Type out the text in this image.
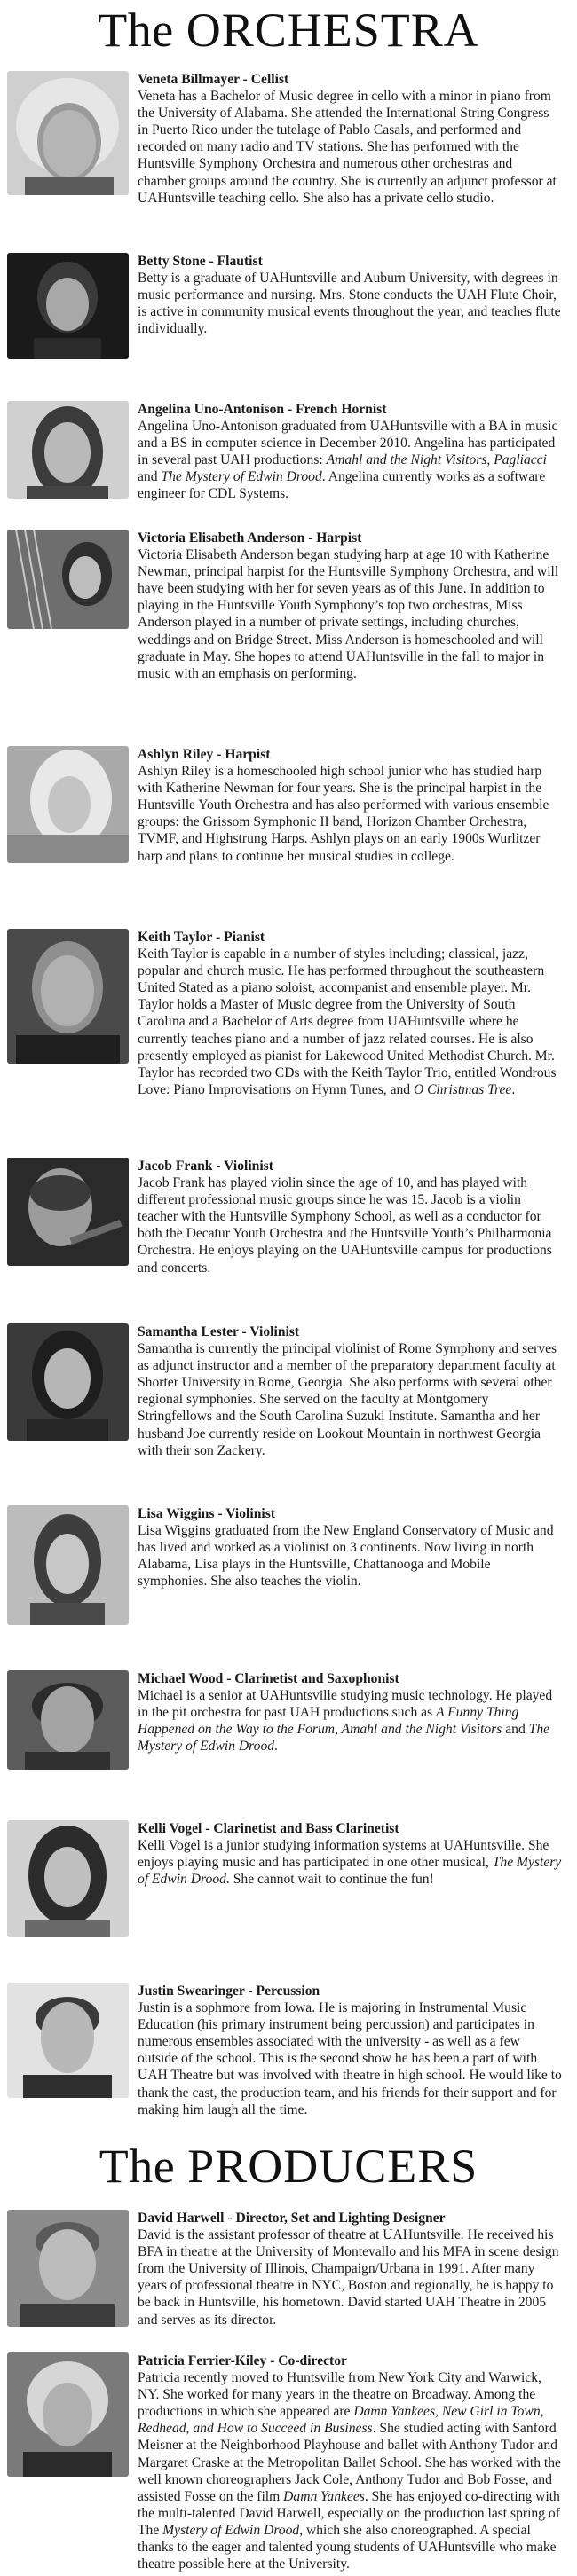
The ORCHESTRA
Veneta Billmayer - Cellist
Veneta has a Bachelor of Music degree in cello with a minor in piano from the University of Alabama. She attended the International String Congress in Puerto Rico under the tutelage of Pablo Casals, and performed and recorded on many radio and TV stations. She has performed with the Huntsville Symphony Orchestra and numerous other orchestras and chamber groups around the country. She is currently an adjunct professor at UAHuntsville teaching cello. She also has a private cello studio.
Betty Stone - Flautist
Betty is a graduate of UAHuntsville and Auburn University, with degrees in music performance and nursing. Mrs. Stone conducts the UAH Flute Choir, is active in community musical events throughout the year, and teaches flute individually.
Angelina Uno-Antonison - French Hornist
Angelina Uno-Antonison graduated from UAHuntsville with a BA in music and a BS in computer science in December 2010. Angelina has participated in several past UAH productions: Amahl and the Night Visitors, Pagliacci and The Mystery of Edwin Drood. Angelina currently works as a software engineer for CDL Systems.
Victoria Elisabeth Anderson - Harpist
Victoria Elisabeth Anderson began studying harp at age 10 with Katherine Newman, principal harpist for the Huntsville Symphony Orchestra, and will have been studying with her for seven years as of this June. In addition to playing in the Huntsville Youth Symphony’s top two orchestras, Miss Anderson played in a number of private settings, including churches, weddings and on Bridge Street. Miss Anderson is homeschooled and will graduate in May. She hopes to attend UAHuntsville in the fall to major in music with an emphasis on performing.
Ashlyn Riley - Harpist
Ashlyn Riley is a homeschooled high school junior who has studied harp with Katherine Newman for four years. She is the principal harpist in the Huntsville Youth Orchestra and has also performed with various ensemble groups: the Grissom Symphonic II band, Horizon Chamber Orchestra, TVMF, and Highstrung Harps. Ashlyn plays on an early 1900s Wurlitzer harp and plans to continue her musical studies in college.
Keith Taylor - Pianist
Keith Taylor is capable in a number of styles including; classical, jazz, popular and church music. He has performed throughout the southeastern United Stated as a piano soloist, accompanist and ensemble player. Mr. Taylor holds a Master of Music degree from the University of South Carolina and a Bachelor of Arts degree from UAHuntsville where he currently teaches piano and a number of jazz related courses. He is also presently employed as pianist for Lakewood United Methodist Church. Mr. Taylor has recorded two CDs with the Keith Taylor Trio, entitled Wondrous Love: Piano Improvisations on Hymn Tunes, and O Christmas Tree.
Jacob Frank - Violinist
Jacob Frank has played violin since the age of 10, and has played with different professional music groups since he was 15. Jacob is a violin teacher with the Huntsville Symphony School, as well as a conductor for both the Decatur Youth Orchestra and the Huntsville Youth’s Philharmonia Orchestra. He enjoys playing on the UAHuntsville campus for productions and concerts.
Samantha Lester - Violinist
Samantha is currently the principal violinist of Rome Symphony and serves as adjunct instructor and a member of the preparatory department faculty at Shorter University in Rome, Georgia. She also performs with several other regional symphonies. She served on the faculty at Montgomery Stringfellows and the South Carolina Suzuki Institute. Samantha and her husband Joe currently reside on Lookout Mountain in northwest Georgia with their son Zackery.
Lisa Wiggins - Violinist
Lisa Wiggins graduated from the New England Conservatory of Music and has lived and worked as a violinist on 3 continents. Now living in north Alabama, Lisa plays in the Huntsville, Chattanooga and Mobile symphonies. She also teaches the violin.
Michael Wood - Clarinetist and Saxophonist
Michael is a senior at UAHuntsville studying music technology. He played in the pit orchestra for past UAH productions such as A Funny Thing Happened on the Way to the Forum, Amahl and the Night Visitors and The Mystery of Edwin Drood.
Kelli Vogel - Clarinetist and Bass Clarinetist
Kelli Vogel is a junior studying information systems at UAHuntsville. She enjoys playing music and has participated in one other musical, The Mystery of Edwin Drood. She cannot wait to continue the fun!
Justin Swearinger - Percussion
Justin is a sophmore from Iowa. He is majoring in Instrumental Music Education (his primary instrument being percussion) and participates in numerous ensembles associated with the university - as well as a few outside of the school. This is the second show he has been a part of with UAH Theatre but was involved with theatre in high school. He would like to thank the cast, the production team, and his friends for their support and for making him laugh all the time.
The PRODUCERS
David Harwell - Director, Set and Lighting Designer
David is the assistant professor of theatre at UAHuntsville. He received his BFA in theatre at the University of Montevallo and his MFA in scene design from the University of Illinois, Champaign/Urbana in 1991. After many years of professional theatre in NYC, Boston and regionally, he is happy to be back in Huntsville, his hometown. David started UAH Theatre in 2005 and serves as its director.
Patricia Ferrier-Kiley - Co-director
Patricia recently moved to Huntsville from New York City and Warwick, NY. She worked for many years in the theatre on Broadway. Among the productions in which she appeared are Damn Yankees, New Girl in Town, Redhead, and How to Succeed in Business. She studied acting with Sanford Meisner at the Neighborhood Playhouse and ballet with Anthony Tudor and Margaret Craske at the Metropolitan Ballet School. She has worked with the well known choreographers Jack Cole, Anthony Tudor and Bob Fosse, and assisted Fosse on the film Damn Yankees. She has enjoyed co-directing with the multi-talented David Harwell, especially on the production last spring of The Mystery of Edwin Drood, which she also choreographed. A special thanks to the eager and talented young students of UAHuntsville who make theatre possible here at the University.
